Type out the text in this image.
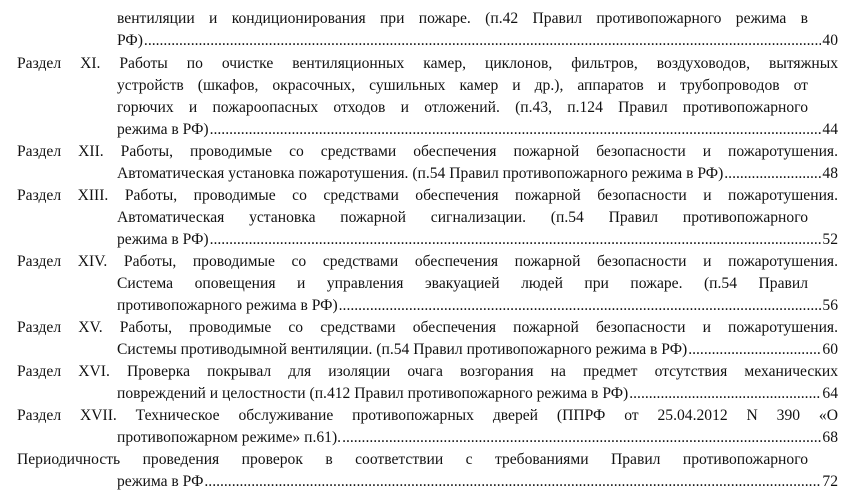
вентиляции и кондиционирования при пожаре. (п.42 Правил противопожарного режима в
РФ) .....	40
Раздел XI. Работы по очистке вентиляционных камер, циклонов, фильтров, воздуховодов, вытяжных
устройств (шкафов, окрасочных, сушильных камер и др.), аппаратов и трубопроводов от
горючих и пожароопасных отходов и отложений. (п.43, п.124 Правил противопожарного
режима в РФ) .....	44
Раздел XII. Работы, проводимые со средствами обеспечения пожарной безопасности и пожаротушения.
Автоматическая установка пожаротушения. (п.54 Правил противопожарного режима в РФ) .....	48
Раздел XIII. Работы, проводимые со средствами обеспечения пожарной безопасности и пожаротушения.
Автоматическая установка пожарной сигнализации. (п.54 Правил противопожарного
режима в РФ) .....	52
Раздел XIV. Работы, проводимые со средствами обеспечения пожарной безопасности и пожаротушения.
Система оповещения и управления эвакуацией людей при пожаре. (п.54 Правил
противопожарного режима в РФ) .....	56
Раздел XV. Работы, проводимые со средствами обеспечения пожарной безопасности и пожаротушения.
Системы противодымной вентиляции. (п.54 Правил противопожарного режима в РФ) .....	60
Раздел XVI. Проверка покрывал для изоляции очага возгорания на предмет отсутствия механических
повреждений и целостности (п.412 Правил противопожарного режима в РФ) .....	64
Раздел XVII. Техническое обслуживание противопожарных дверей (ППРФ от 25.04.2012 N 390 «О
противопожарном режиме» п.61). .....	68
Периодичность проведения проверок в соответствии с требованиями Правил противопожарного
режима в РФ .....	72
